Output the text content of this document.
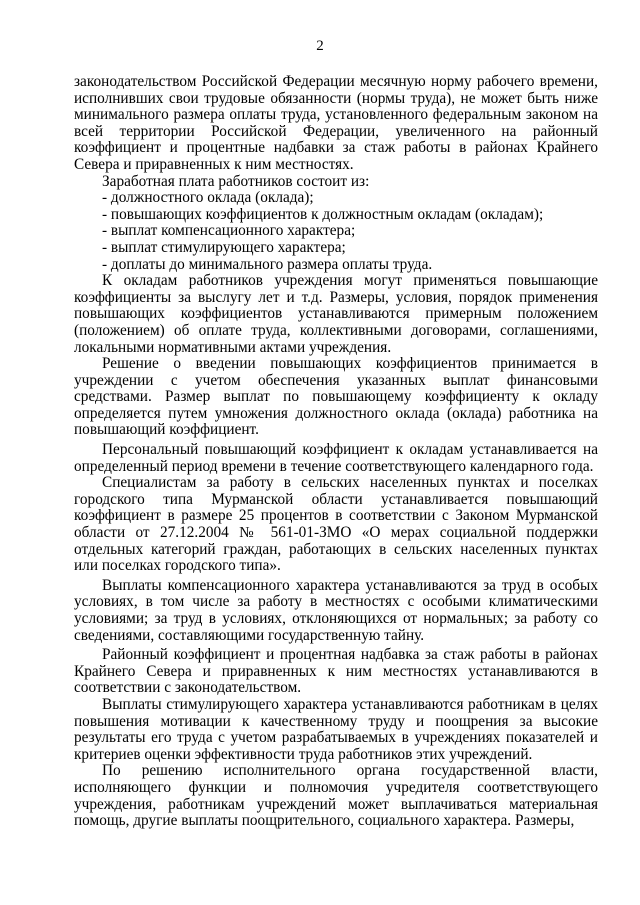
2

законодательством Российской Федерации месячную норму рабочего времени, исполнивших свои трудовые обязанности (нормы труда), не может быть ниже минимального размера оплаты труда, установленного федеральным законом на всей территории Российской Федерации, увеличенного на районный коэффициент и процентные надбавки за стаж работы в районах Крайнего Севера и приравненных к ним местностях.

Заработная плата работников состоит из:

- должностного оклада (оклада);

- повышающих коэффициентов к должностным окладам (окладам);

- выплат компенсационного характера;

- выплат стимулирующего характера;

- доплаты до минимального размера оплаты труда.

К окладам работников учреждения могут применяться повышающие коэффициенты за выслугу лет и т.д. Размеры, условия, порядок применения повышающих коэффициентов устанавливаются примерным положением (положением) об оплате труда, коллективными договорами, соглашениями, локальными нормативными актами учреждения.

Решение о введении повышающих коэффициентов принимается в учреждении с учетом обеспечения указанных выплат финансовыми средствами. Размер выплат по повышающему коэффициенту к окладу определяется путем умножения должностного оклада (оклада) работника на повышающий коэффициент.

Персональный повышающий коэффициент к окладам устанавливается на определенный период времени в течение соответствующего календарного года.

Специалистам за работу в сельских населенных пунктах и поселках городского типа Мурманской области устанавливается повышающий коэффициент в размере 25 процентов в соответствии с Законом Мурманской области от 27.12.2004 № 561-01-ЗМО «О мерах социальной поддержки отдельных категорий граждан, работающих в сельских населенных пунктах или поселках городского типа».

Выплаты компенсационного характера устанавливаются за труд в особых условиях, в том числе за работу в местностях с особыми климатическими условиями; за труд в условиях, отклоняющихся от нормальных; за работу со сведениями, составляющими государственную тайну.

Районный коэффициент и процентная надбавка за стаж работы в районах Крайнего Севера и приравненных к ним местностях устанавливаются в соответствии с законодательством.

Выплаты стимулирующего характера устанавливаются работникам в целях повышения мотивации к качественному труду и поощрения за высокие результаты его труда с учетом разрабатываемых в учреждениях показателей и критериев оценки эффективности труда работников этих учреждений.

По решению исполнительного органа государственной власти, исполняющего функции и полномочия учредителя соответствующего учреждения, работникам учреждений может выплачиваться материальная помощь, другие выплаты поощрительного, социального характера. Размеры,
